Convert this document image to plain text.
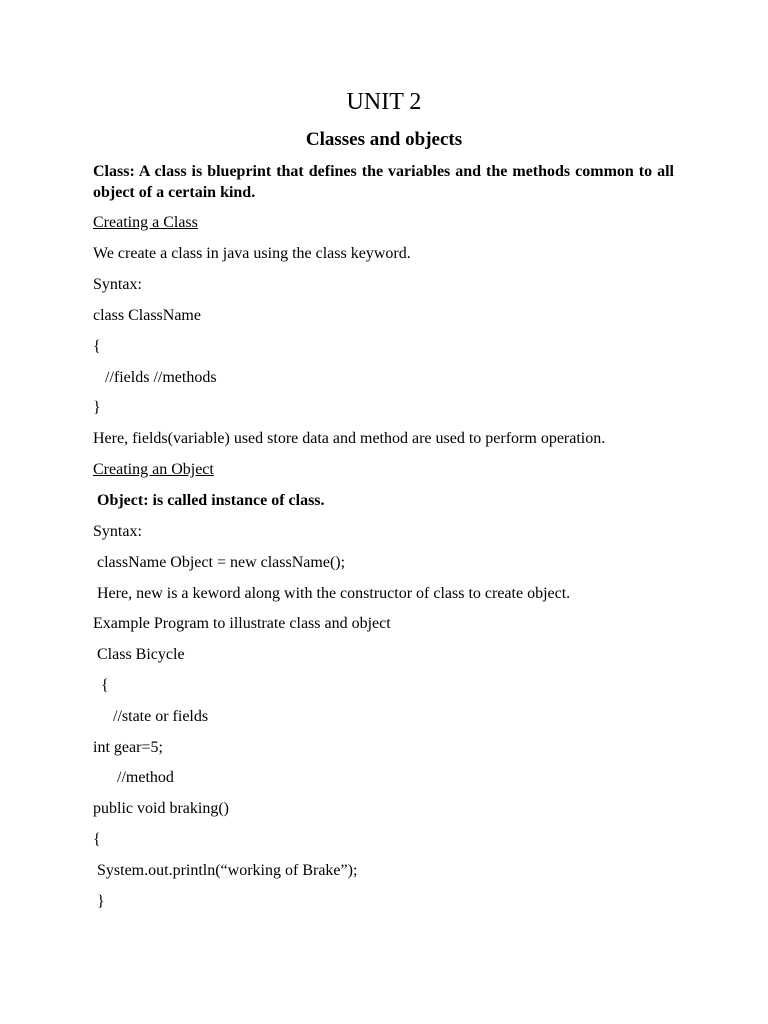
UNIT 2
Classes and objects
Class: A class is blueprint that defines the variables and the methods common to all object of a certain kind.
Creating a Class
We create a class in java using the class keyword.
Syntax:
class ClassName
{
//fields //methods
}
Here, fields(variable) used store data and method are used to perform operation.
Creating an Object
Object: is called instance of class.
Syntax:
className Object = new className();
Here, new is a keword along with the constructor of class to create object.
Example Program to illustrate class and object
Class Bicycle
{
//state or fields
int gear=5;
//method
public void braking()
{
System.out.println(“working of Brake”);
}
